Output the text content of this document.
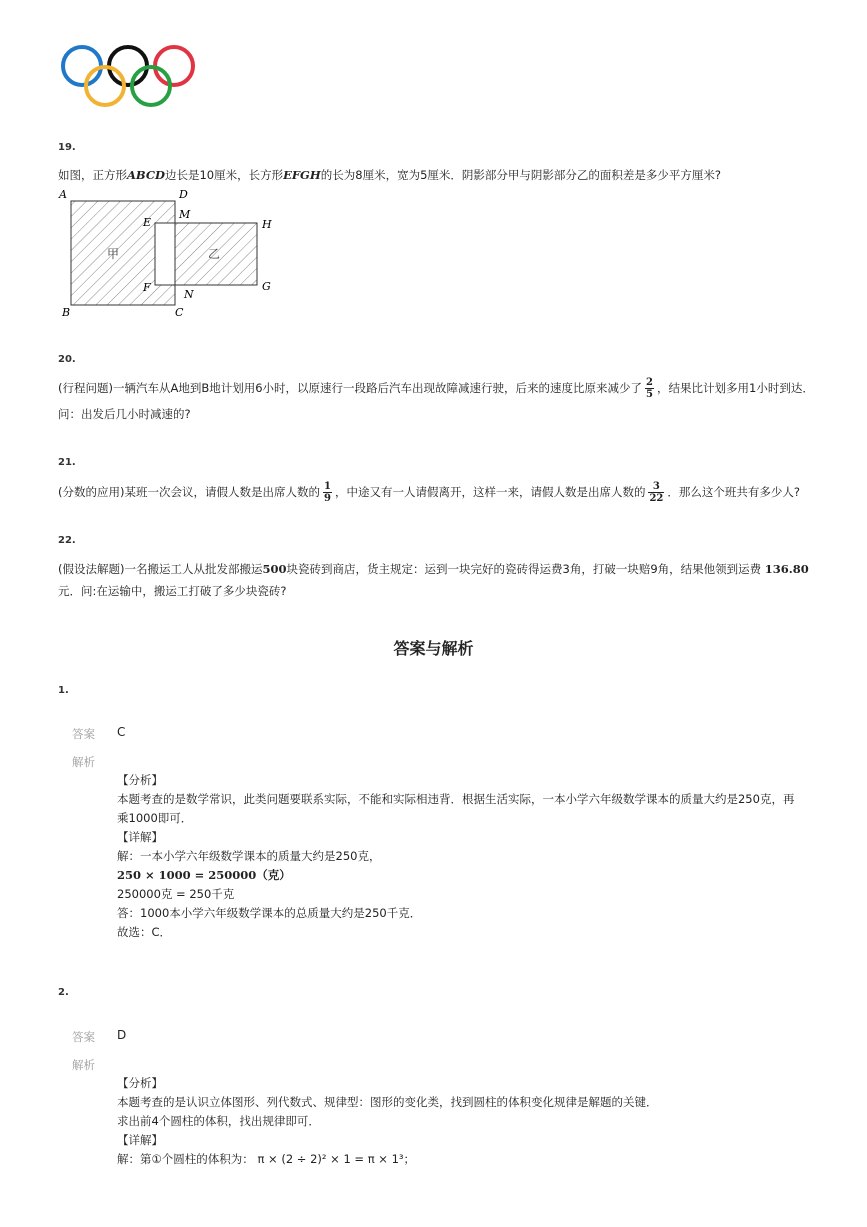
19.
如图，正方形ABCD边长是10厘米，长方形EFGH的长为8厘米，宽为5厘米．阴影部分甲与阴影部分乙的面积差是多少平方厘米?
A	D
M
H
E
F
N
G
B	C
甲	乙
20.
(行程问题)一辆汽车从A地到B地计划用6小时，以原速行一段路后汽车出现故障减速行驶，后来的速度比原来减少了 $\frac{2}{5}$ ，结果比计划多用1小时到达．
问：出发后几小时减速的?
21.
(分数的应用)某班一次会议，请假人数是出席人数的 $\frac{1}{9}$ ，中途又有一人请假离开，这样一来，请假人数是出席人数的 $\frac{3}{22}$ ．那么这个班共有多少人?
22.
(假设法解题)一名搬运工人从批发部搬运500块瓷砖到商店，货主规定：运到一块完好的瓷砖得运费3角，打破一块赔9角，结果他领到运费 136.80
元．问:在运输中，搬运工打破了多少块瓷砖?
答案与解析
1.
答案 C
解析
【分析】
本题考查的是数学常识，此类问题要联系实际，不能和实际相违背．根据生活实际，一本小学六年级数学课本的质量大约是250克，再
乘1000即可．
【详解】
解：一本小学六年级数学课本的质量大约是250克，
250 × 1000 = 250000（克）
250000克 = 250千克
答：1000本小学六年级数学课本的总质量大约是250千克．
故选：C．
2.
答案 D
解析
【分析】
本题考查的是认识立体图形、列代数式、规律型：图形的变化类，找到圆柱的体积变化规律是解题的关键．
求出前4个圆柱的体积，找出规律即可．
【详解】
解：第①个圆柱的体积为： π × (2 ÷ 2)² × 1 = π × 1³；
